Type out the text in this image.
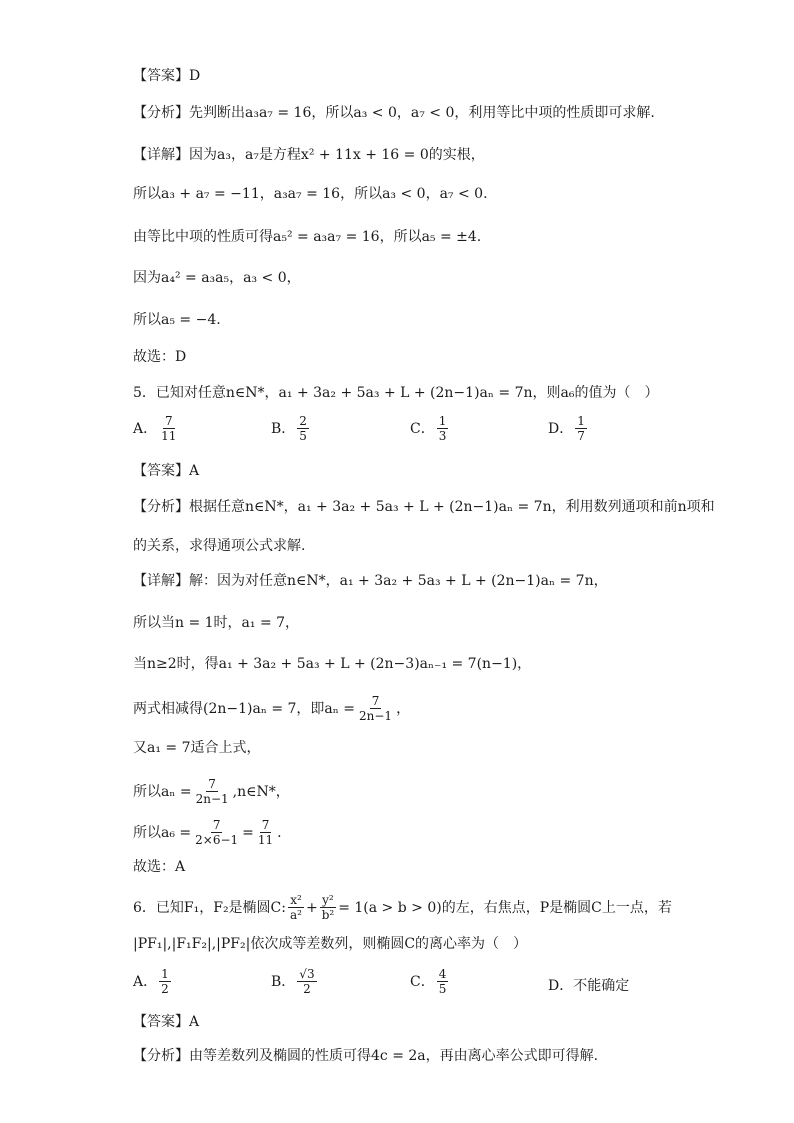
【答案】D
【分析】先判断出a₃a₇ = 16，所以a₃ < 0，a₇ < 0，利用等比中项的性质即可求解.
【详解】因为a₃，a₇是方程x² + 11x + 16 = 0的实根，
所以a₃ + a₇ = −11，a₃a₇ = 16，所以a₃ < 0，a₇ < 0.
由等比中项的性质可得a₅² = a₃a₇ = 16，所以a₅ = ±4.
因为a₄² = a₃a₅，a₃ < 0，
所以a₅ = −4.
故选：D
5．已知对任意n∈N*，a₁ + 3a₂ + 5a₃ + L + (2n−1)aₙ = 7n，则a₆的值为（　）
A． $\frac{7}{11}$	B． $\frac{2}{5}$	C． $\frac{1}{3}$	D． $\frac{1}{7}$
【答案】A
【分析】根据任意n∈N*，a₁ + 3a₂ + 5a₃ + L + (2n−1)aₙ = 7n，利用数列通项和前n项和
的关系，求得通项公式求解.
【详解】解：因为对任意n∈N*，a₁ + 3a₂ + 5a₃ + L + (2n−1)aₙ = 7n，
所以当n = 1时，a₁ = 7，
当n≥2时，得a₁ + 3a₂ + 5a₃ + L + (2n−3)aₙ₋₁ = 7(n−1)，
两式相减得(2n−1)aₙ = 7，即$a_n = \frac{7}{2n-1}$ ，
又a₁ = 7适合上式，
所以$a_n = \frac{7}{2n-1}$ ,n∈N*，
所以$a_6 = \frac{7}{2\times 6-1} = \frac{7}{11}$ .
故选：A
6．已知F₁，F₂是椭圆C: $\frac{\text{x²}}{\text{a²}} + \frac{\text{y²}}{\text{b²}} = 1(a > b > 0)$的左，右焦点，P是椭圆C上一点，若
|PF₁|,|F₁F₂|,|PF₂|依次成等差数列，则椭圆C的离心率为（　）
A． $\frac{1}{2}$	B． $\frac{√3}{2}$	C． $\frac{4}{5}$	D．不能确定
【答案】A
【分析】由等差数列及椭圆的性质可得4c = 2a，再由离心率公式即可得解.
